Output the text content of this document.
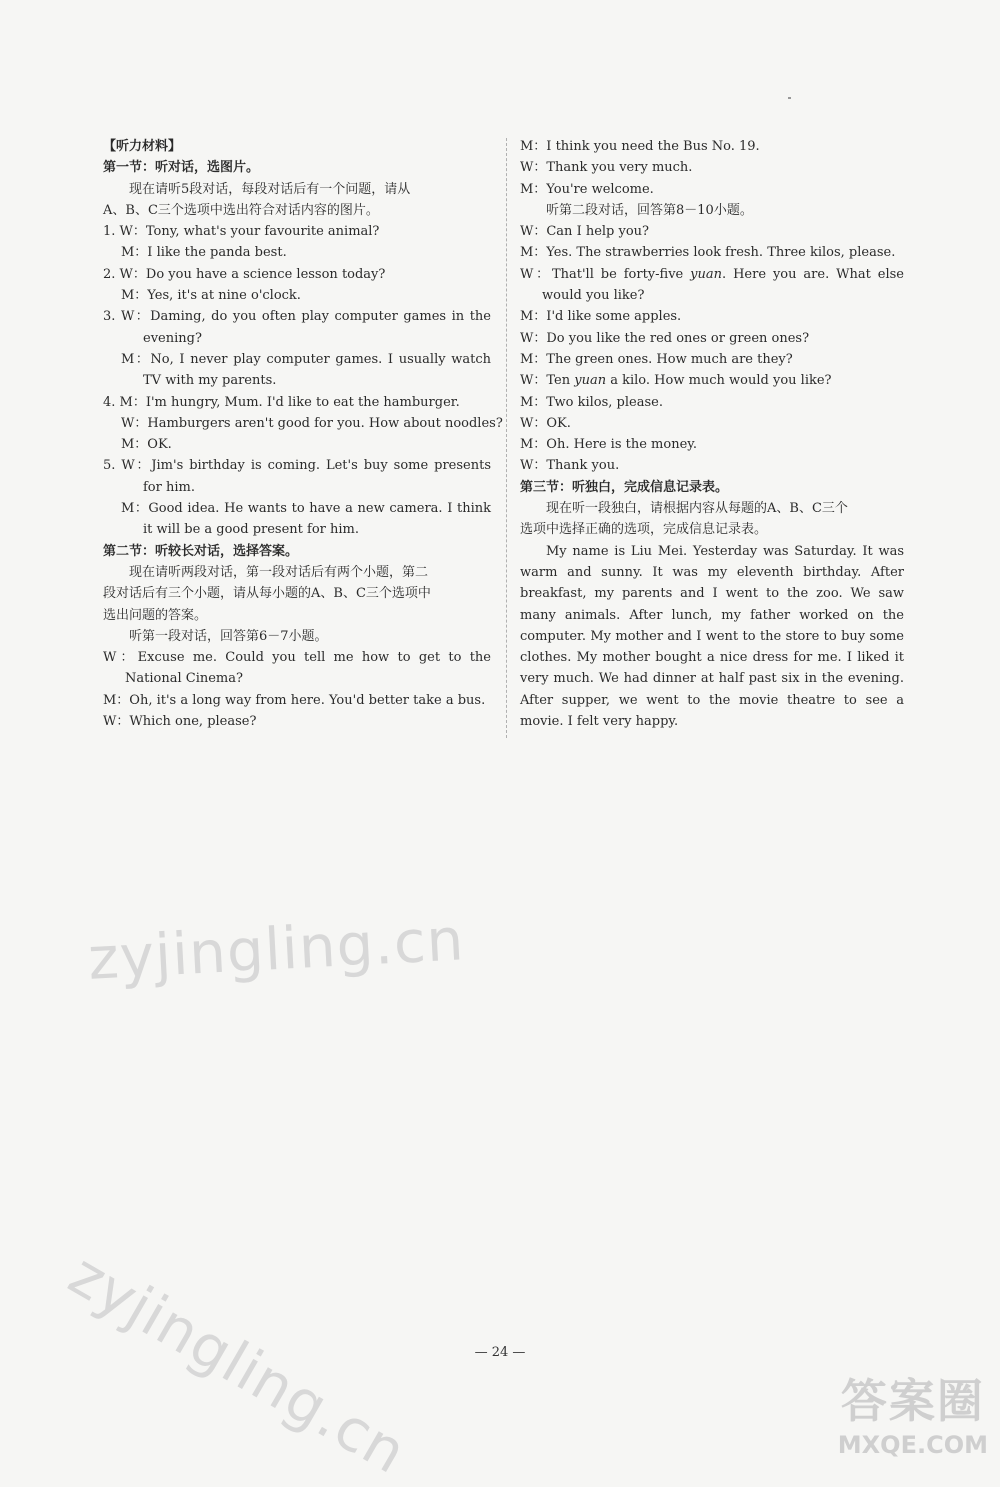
【听力材料】
第一节：听对话，选图片。
现在请听5段对话，每段对话后有一个问题，请从
A、B、C三个选项中选出符合对话内容的图片。
1. W：Tony, what's your favourite animal?
M：I like the panda best.
2. W：Do you have a science lesson today?
M：Yes, it's at nine o'clock.
3. W：Daming, do you often play computer games in the
evening?
M：No, I never play computer games. I usually watch
TV with my parents.
4. M：I'm hungry, Mum. I'd like to eat the hamburger.
W：Hamburgers aren't good for you. How about noodles?
M：OK.
5. W：Jim's birthday is coming. Let's buy some presents
for him.
M：Good idea. He wants to have a new camera. I think
it will be a good present for him.
第二节：听较长对话，选择答案。
现在请听两段对话，第一段对话后有两个小题，第二
段对话后有三个小题，请从每小题的A、B、C三个选项中
选出问题的答案。
听第一段对话，回答第6－7小题。
W：Excuse me. Could you tell me how to get to the
National Cinema?
M：Oh, it's a long way from here. You'd better take a bus.
W：Which one, please?
M：I think you need the Bus No. 19.
W：Thank you very much.
M：You're welcome.
听第二段对话，回答第8－10小题。
W：Can I help you?
M：Yes. The strawberries look fresh. Three kilos, please.
W：That'll be forty-five yuan. Here you are. What else
would you like?
M：I'd like some apples.
W：Do you like the red ones or green ones?
M：The green ones. How much are they?
W：Ten yuan a kilo. How much would you like?
M：Two kilos, please.
W：OK.
M：Oh. Here is the money.
W：Thank you.
第三节：听独白，完成信息记录表。
现在听一段独白，请根据内容从每题的A、B、C三个
选项中选择正确的选项，完成信息记录表。
My name is Liu Mei. Yesterday was Saturday. It was
warm and sunny. It was my eleventh birthday. After
breakfast, my parents and I went to the zoo. We saw
many animals. After lunch, my father worked on the
computer. My mother and I went to the store to buy some
clothes. My mother bought a nice dress for me. I liked it
very much. We had dinner at half past six in the evening.
After supper, we went to the movie theatre to see a
movie. I felt very happy.
zyjingling.cn
zyjingling.cn	— 24 —
答案圈
MXQE.COM
